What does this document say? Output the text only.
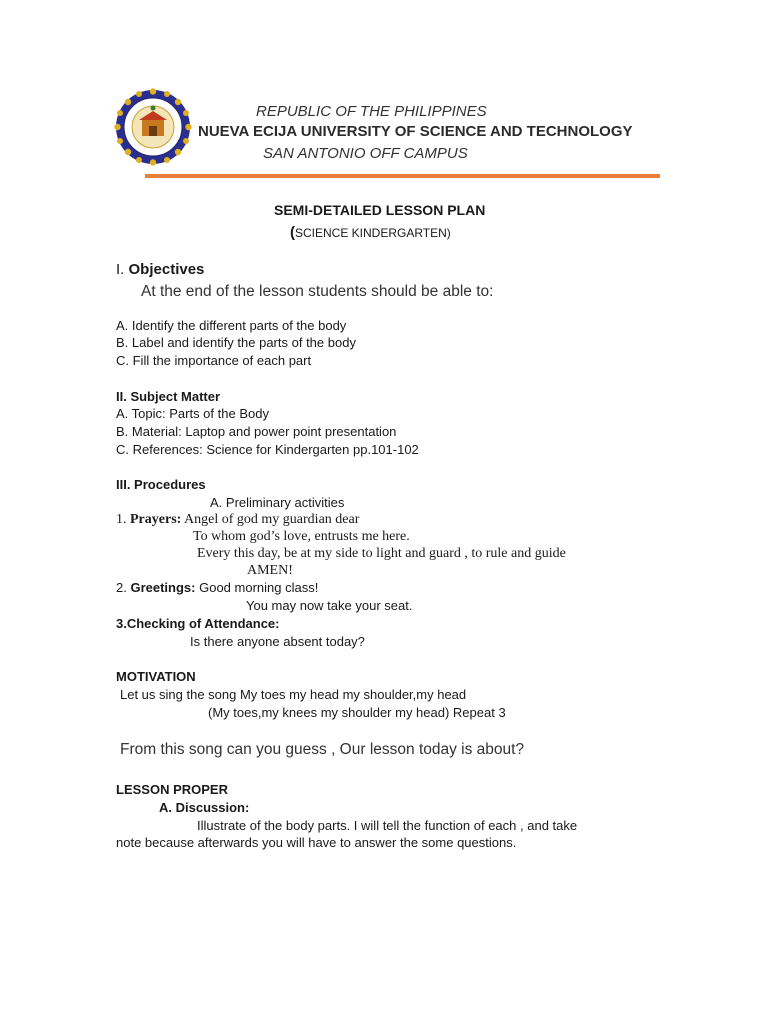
REPUBLIC OF THE PHILIPPINES
NUEVA ECIJA UNIVERSITY OF SCIENCE AND TECHNOLOGY
SAN ANTONIO OFF CAMPUS
SEMI-DETAILED LESSON PLAN
(SCIENCE KINDERGARTEN)
I. Objectives
At the end of the lesson students should be able to:
A. Identify the different parts of the body
B. Label and identify the parts of the body
C. Fill the importance of each part
II. Subject Matter
A. Topic: Parts of the Body
B. Material: Laptop and power point presentation
C. References: Science for Kindergarten pp.101-102
III. Procedures
A. Preliminary activities
1. Prayers: Angel of god my guardian dear
To whom god’s love, entrusts me here.
Every this day, be at my side to light and guard , to rule and guide
AMEN!
2. Greetings: Good morning class!
You may now take your seat.
3.Checking of Attendance:
Is there anyone absent today?
MOTIVATION
Let us sing the song My toes my head my shoulder,my head
(My toes,my knees my shoulder my head) Repeat 3
From this song can you guess , Our lesson today is about?
LESSON PROPER
A. Discussion:
Illustrate of the body parts. I will tell the function of each , and take
note because afterwards you will have to answer the some questions.
